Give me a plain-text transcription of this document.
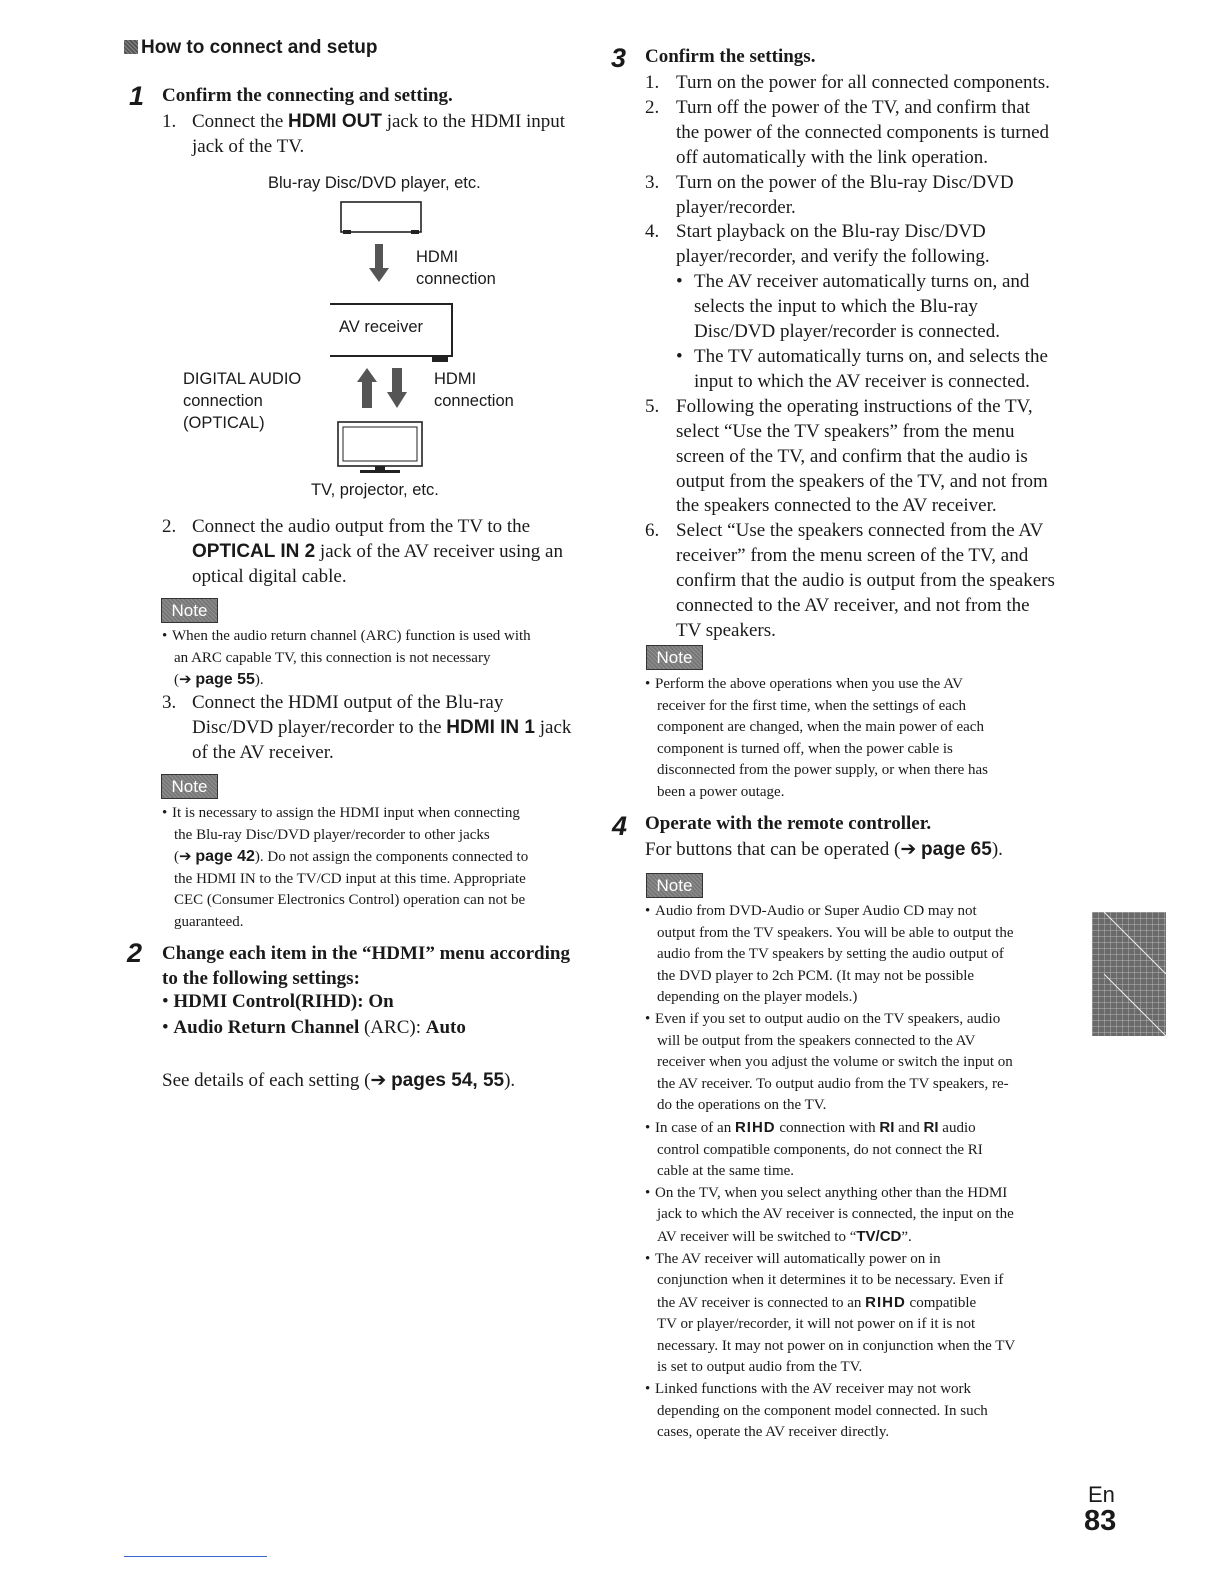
How to connect and setup
1 Confirm the connecting and setting.

1. Connect the HDMI OUT jack to the HDMI input

jack of the TV.

Blu-ray Disc/DVD player, etc.
HDMI
connection
AV receiver
DIGITAL AUDIO
connection
(OPTICAL)
HDMI
connection
TV, projector, etc.

2. Connect the audio output from the TV to the

OPTICAL IN 2 jack of the AV receiver using an

optical digital cable.

Note
• When the audio return channel (ARC) function is used with
an ARC capable TV, this connection is not necessary
(➔ page 55).

3. Connect the HDMI output of the Blu-ray

Disc/DVD player/recorder to the HDMI IN 1 jack

of the AV receiver.

Note
• It is necessary to assign the HDMI input when connecting
the Blu-ray Disc/DVD player/recorder to other jacks
(➔ page 42). Do not assign the components connected to
the HDMI IN to the TV/CD input at this time. Appropriate
CEC (Consumer Electronics Control) operation can not be
guaranteed.
2 Change each item in the “HDMI” menu according
to the following settings:
• HDMI Control(RIHD): On
• Audio Return Channel (ARC): Auto
See details of each setting (➔ pages 54, 55).
3 Confirm the settings.
1. Turn on the power for all connected components.
2. Turn off the power of the TV, and confirm that
the power of the connected components is turned
off automatically with the link operation.
3. Turn on the power of the Blu-ray Disc/DVD
player/recorder.
4. Start playback on the Blu-ray Disc/DVD
player/recorder, and verify the following.
• The AV receiver automatically turns on, and
selects the input to which the Blu-ray
Disc/DVD player/recorder is connected.
• The TV automatically turns on, and selects the
input to which the AV receiver is connected.
5. Following the operating instructions of the TV,
select “Use the TV speakers” from the menu
screen of the TV, and confirm that the audio is
output from the speakers of the TV, and not from
the speakers connected to the AV receiver.
6. Select “Use the speakers connected from the AV
receiver” from the menu screen of the TV, and
confirm that the audio is output from the speakers
connected to the AV receiver, and not from the
TV speakers.
Note
• Perform the above operations when you use the AV
receiver for the first time, when the settings of each
component are changed, when the main power of each
component is turned off, when the power cable is
disconnected from the power supply, or when there has
been a power outage.
4 Operate with the remote controller.
For buttons that can be operated (➔ page 65).
Note
• Audio from DVD-Audio or Super Audio CD may not
output from the TV speakers. You will be able to output the
audio from the TV speakers by setting the audio output of
the DVD player to 2ch PCM. (It may not be possible
depending on the player models.)
• Even if you set to output audio on the TV speakers, audio
will be output from the speakers connected to the AV
receiver when you adjust the volume or switch the input on
the AV receiver. To output audio from the TV speakers, re-
do the operations on the TV.
• In case of an RIHD connection with RI and RI audio
control compatible components, do not connect the RI
cable at the same time.
• On the TV, when you select anything other than the HDMI
jack to which the AV receiver is connected, the input on the
AV receiver will be switched to “TV/CD”.
• The AV receiver will automatically power on in
conjunction when it determines it to be necessary. Even if
the AV receiver is connected to an RIHD compatible
TV or player/recorder, it will not power on if it is not
necessary. It may not power on in conjunction when the TV
is set to output audio from the TV.
• Linked functions with the AV receiver may not work
depending on the component model connected. In such
cases, operate the AV receiver directly.
En
83
